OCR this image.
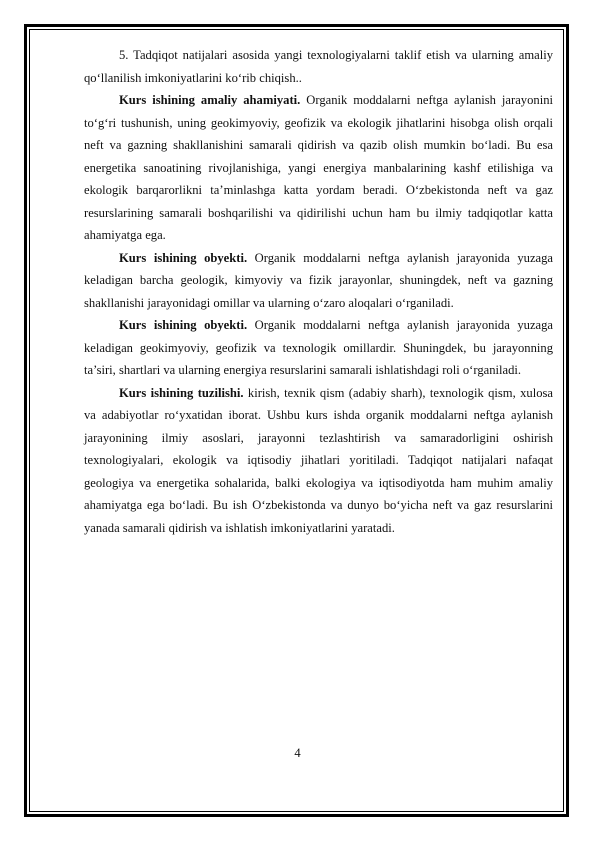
5. Tadqiqot natijalari asosida yangi texnologiyalarni taklif etish va ularning amaliy qo‘llanilish imkoniyatlarini ko‘rib chiqish..

Kurs ishining amaliy ahamiyati. Organik moddalarni neftga aylanish jarayonini to‘g‘ri tushunish, uning geokimyoviy, geofizik va ekologik jihatlarini hisobga olish orqali neft va gazning shakllanishini samarali qidirish va qazib olish mumkin bo‘ladi. Bu esa energetika sanoatining rivojlanishiga, yangi energiya manbalarining kashf etilishiga va ekologik barqarorlikni ta’minlashga katta yordam beradi. O‘zbekistonda neft va gaz resurslarining samarali boshqarilishi va qidirilishi uchun ham bu ilmiy tadqiqotlar katta ahamiyatga ega.

Kurs ishining obyekti. Organik moddalarni neftga aylanish jarayonida yuzaga keladigan barcha geologik, kimyoviy va fizik jarayonlar, shuningdek, neft va gazning shakllanishi jarayonidagi omillar va ularning o‘zaro aloqalari o‘rganiladi.

Kurs ishining obyekti. Organik moddalarni neftga aylanish jarayonida yuzaga keladigan geokimyoviy, geofizik va texnologik omillardir. Shuningdek, bu jarayonning ta’siri, shartlari va ularning energiya resurslarini samarali ishlatishdagi roli o‘rganiladi.

Kurs ishining tuzilishi. kirish, texnik qism (adabiy sharh), texnologik qism, xulosa va adabiyotlar ro‘yxatidan iborat. Ushbu kurs ishda organik moddalarni neftga aylanish jarayonining ilmiy asoslari, jarayonni tezlashtirish va samaradorligini oshirish texnologiyalari, ekologik va iqtisodiy jihatlari yoritiladi. Tadqiqot natijalari nafaqat geologiya va energetika sohalarida, balki ekologiya va iqtisodiyotda ham muhim amaliy ahamiyatga ega bo‘ladi. Bu ish O‘zbekistonda va dunyo bo‘yicha neft va gaz resurslarini yanada samarali qidirish va ishlatish imkoniyatlarini yaratadi.

4
